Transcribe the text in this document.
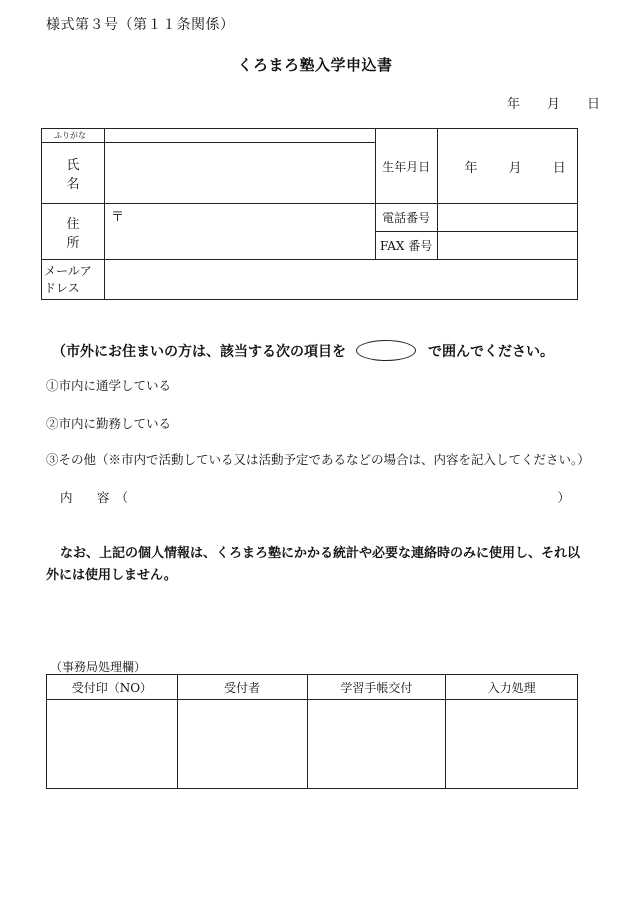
様式第３号（第１１条関係）
くろまろ塾入学申込書
年	月	日
ふりがな		生年月日	年 月 日
氏　名			
住　所	〒	電話番号	
		FAX 番号	
メールアドレス			
（市外にお住まいの方は、該当する次の項目を	で囲んでください。
①市内に通学している
②市内に勤務している
③その他（※市内で活動している又は活動予定であるなどの場合は、内容を記入してください。）
内　容（	）
なお、上記の個人情報は、くろまろ塾にかかる統計や必要な連絡時のみに使用し、それ以外には使用しません。
（事務局処理欄）
受付印（NO）	受付者	学習手帳交付	入力処理
